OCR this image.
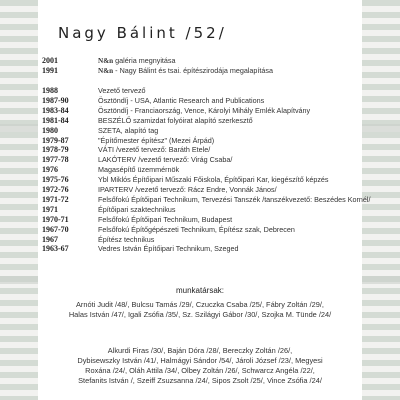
Nagy Bálint /52/
2001	N&n galéria megnyitása
1991	N&n - Nagy Bálint és tsai. építészirodája megalapítása
1988	Vezető tervező
1987-90	Ösztöndíj - USA, Atlantic Research and Publications
1983-84	Ösztöndíj - Franciaország, Vence, Károlyi Mihály Emlék Alapítvány
1981-84	BESZÉLŐ szamizdat folyóirat alapító szerkesztő
1980	SZETA, alapító tag
1979-87	"Építőmester építész" (Mezei Árpád)
1978-79	VÁTI /vezető tervező: Baráth Etele/
1977-78	LAKÓTERV /vezető tervező: Virág Csaba/
1976	Magasépítő üzemmérnök
1975-76	Ybl Miklós Építőipari Műszaki Főiskola, Építőipari Kar, kiegészítő képzés
1972-76	IPARTERV /vezető tervező: Rácz Endre, Vonnák János/
1971-72	Felsőfokú Építőipari Technikum, Tervezési Tanszék /tanszékvezető: Beszédes Kornél/
1971	Építőipari szaktechnikus
1970-71	Felsőfokú Építőipari Technikum, Budapest
1967-70	Felsőfokú Építőgépészeti Technikum, Építész szak, Debrecen
1967	Építész technikus
1963-67	Vedres István Építőipari Technikum, Szeged
munkatársak:
Arnóti Judit /48/, Bulcsu Tamás /29/, Czuczka Csaba /25/, Fábry Zoltán /29/,
Halas István /47/, Igali Zsófia /35/, Sz. Szilágyi Gábor /30/, Szojka M. Tünde /24/
Alkurdi Firas /30/, Baján Dóra /28/, Bereczky Zoltán /26/,
Dybisewszky István /41/, Halmágyi Sándor /54/, Jároli József /23/, Megyesi
Roxána /24/, Oláh Attila /34/, Olbey Zoltán /26/, Schwarcz Angéla /22/,
Stefanits István /, Szeiff Zsuzsanna /24/, Sipos Zsolt /25/, Vince Zsófia /24/
